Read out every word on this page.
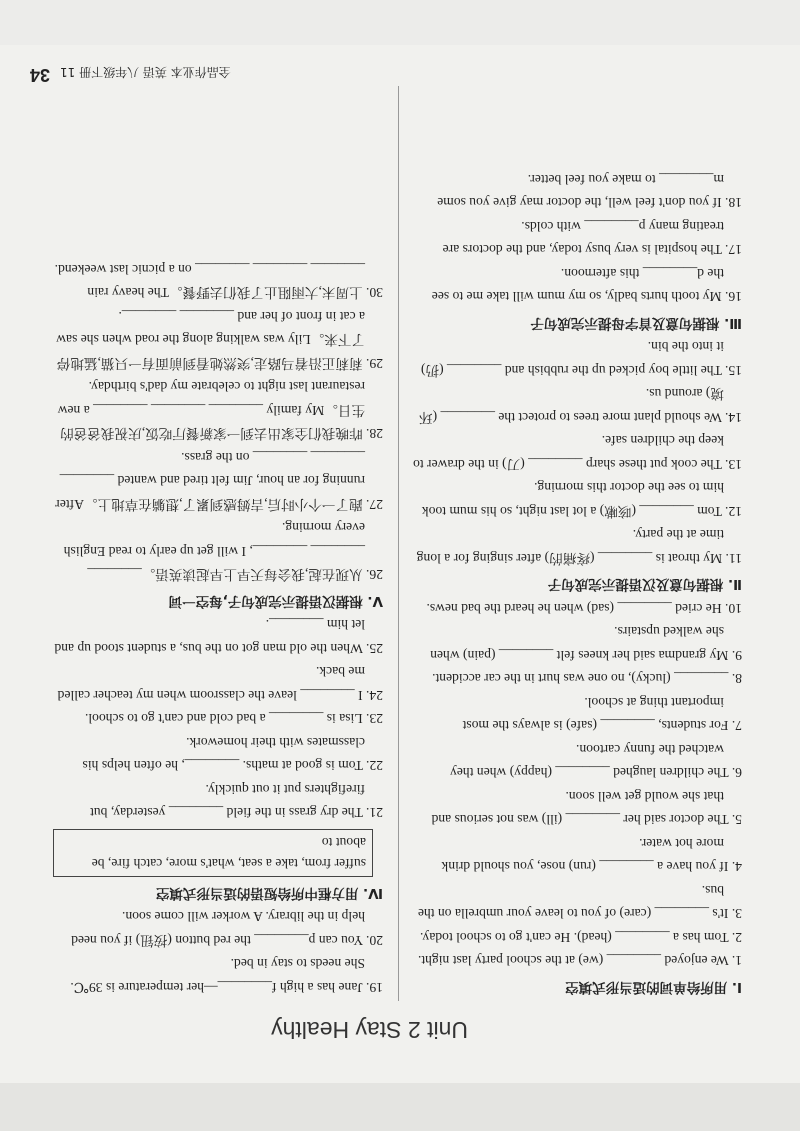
Unit 2 Stay Healthy
Ⅰ. 用所给单词的适当形式填空

1. We enjoyed ________ (we) at the school party last night.

2. Tom has a ________ (head). He can't go to school today.

3. It's ________ (care) of you to leave your umbrella on the bus.

4. If you have a ________ (run) nose, you should drink more hot water.

5. The doctor said her ________ (ill) was not serious and that she would get well soon.

6. The children laughed ________ (happy) when they watched the funny cartoon.

7. For students, ________ (safe) is always the most important thing at school.

8. ________ (lucky), no one was hurt in the car accident.

9. My grandma said her knees felt ________ (pain) when she walked upstairs.

10. He cried ________ (sad) when he heard the bad news.

Ⅱ. 根据句意及汉语提示完成句子

11. My throat is ________ (疼痛的) after singing for a long time at the party.

12. Tom ________ (咳嗽) a lot last night, so his mum took him to see the doctor this morning.

13. The cook put these sharp ________ (刀) in the drawer to keep the children safe.

14. We should plant more trees to protect the ________ (环境) around us.

15. The little boy picked up the rubbish and ________ (扔) it into the bin.

Ⅲ. 根据句意及首字母提示完成句子

16. My tooth hurts badly, so my mum will take me to see the d________ this afternoon.

17. The hospital is very busy today, and the doctors are treating many p________ with colds.

18. If you don't feel well, the doctor may give you some m________ to make you feel better.

19. Jane has a high f________—her temperature is 39℃. She needs to stay in bed.

20. You can p________ the red button (按钮) if you need help in the library. A worker will come soon.

Ⅳ. 用方框中所给短语的适当形式填空
suffer from, take a seat, what's more, catch fire, be about to

21. The dry grass in the field ________ yesterday, but firefighters put it out quickly.

22. Tom is good at maths. ________, he often helps his classmates with their homework.

23. Lisa is ________ a bad cold and can't go to school.

24. I ________ leave the classroom when my teacher called me back.

25. When the old man got on the bus, a student stood up and let him ________.

Ⅴ. 根据汉语提示完成句子,每空一词

26. 从现在起,我会每天早上早起读英语。________ ________ ________, I will get up early to read English every morning.

27. 跑了一个小时后,吉姆感到累了,想躺在草地上。After running for an hour, Jim felt tired and wanted ________ ________ ________ on the grass.

28. 昨晚我们全家出去到一家新餐厅吃饭,庆祝我爸爸的生日。My family ________ ________ ________ a new restaurant last night to celebrate my dad's birthday.

29. 莉莉正沿着马路走,突然她看到前面有一只猫,猛地停了下来。Lily was walking along the road when she saw a cat in front of her and ________ ________.

30. 上周末,大雨阻止了我们去野餐。The heavy rain ________ ________ ________ on a picnic last weekend.

全品作业本 英语 八年级下册 11
34
